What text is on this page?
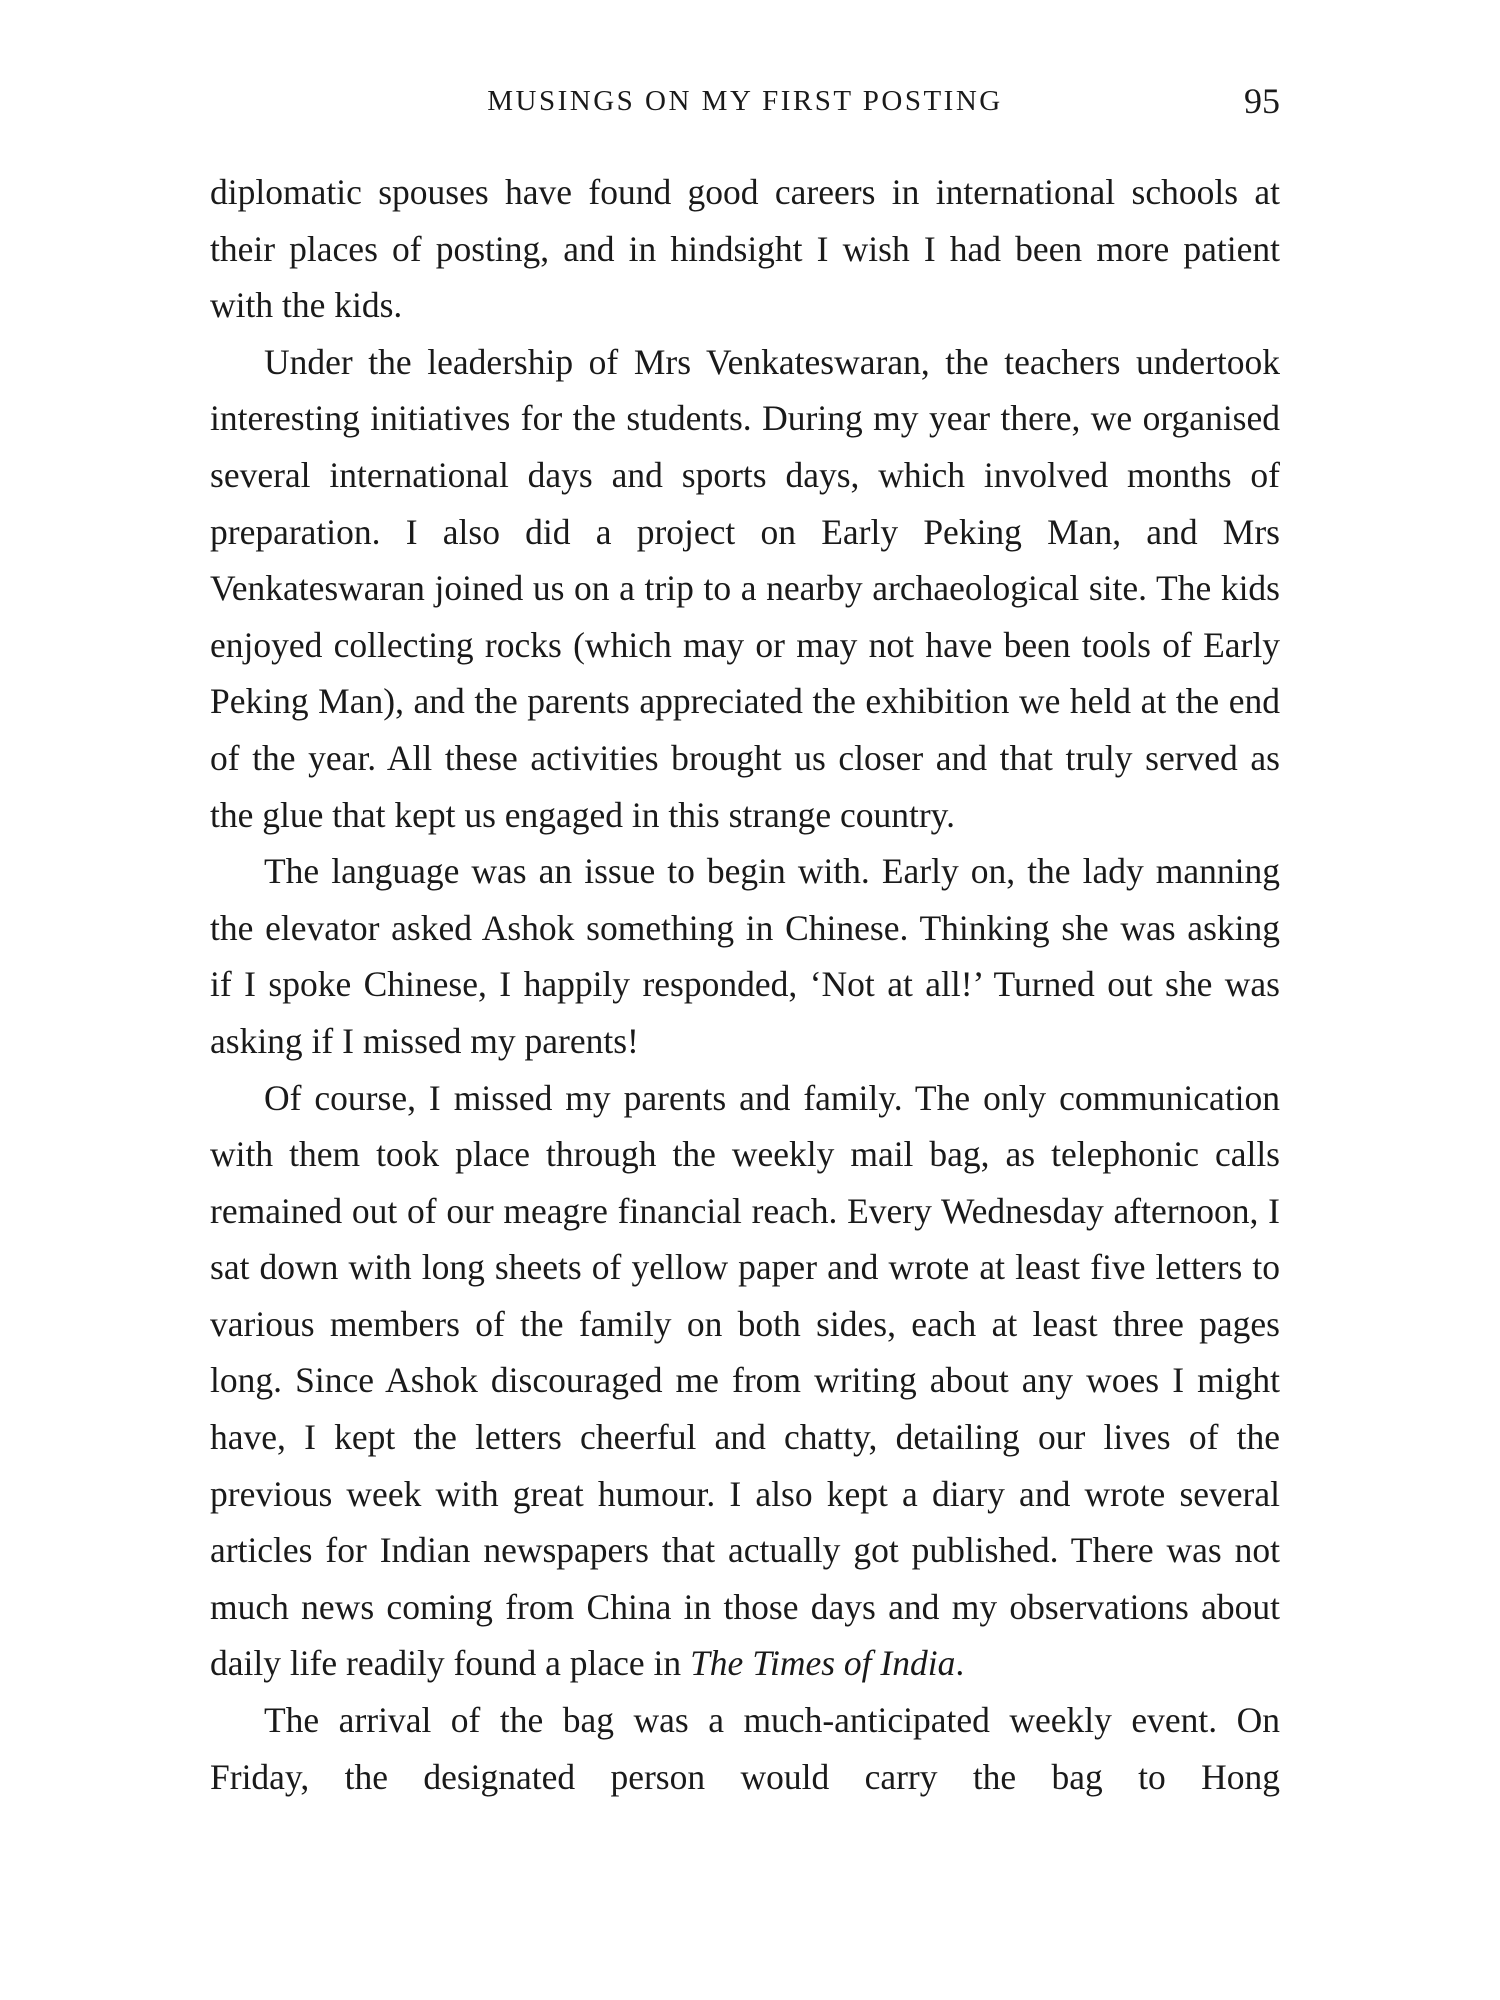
MUSINGS ON MY FIRST POSTING	95

diplomatic spouses have found good careers in international schools at their places of posting, and in hindsight I wish I had been more patient with the kids.

Under the leadership of Mrs Venkateswaran, the teachers undertook interesting initiatives for the students. During my year there, we organised several international days and sports days, which involved months of preparation. I also did a project on Early Peking Man, and Mrs Venkateswaran joined us on a trip to a nearby archaeological site. The kids enjoyed collecting rocks (which may or may not have been tools of Early Peking Man), and the parents appreciated the exhibition we held at the end of the year. All these activities brought us closer and that truly served as the glue that kept us engaged in this strange country.

The language was an issue to begin with. Early on, the lady manning the elevator asked Ashok something in Chinese. Thinking she was asking if I spoke Chinese, I happily responded, ‘Not at all!’ Turned out she was asking if I missed my parents!

Of course, I missed my parents and family. The only communication with them took place through the weekly mail bag, as telephonic calls remained out of our meagre financial reach. Every Wednesday afternoon, I sat down with long sheets of yellow paper and wrote at least five letters to various members of the family on both sides, each at least three pages long. Since Ashok discouraged me from writing about any woes I might have, I kept the letters cheerful and chatty, detailing our lives of the previous week with great humour. I also kept a diary and wrote several articles for Indian newspapers that actually got published. There was not much news coming from China in those days and my observations about daily life readily found a place in The Times of India.

The arrival of the bag was a much-anticipated weekly event. On Friday, the designated person would carry the bag to Hong
